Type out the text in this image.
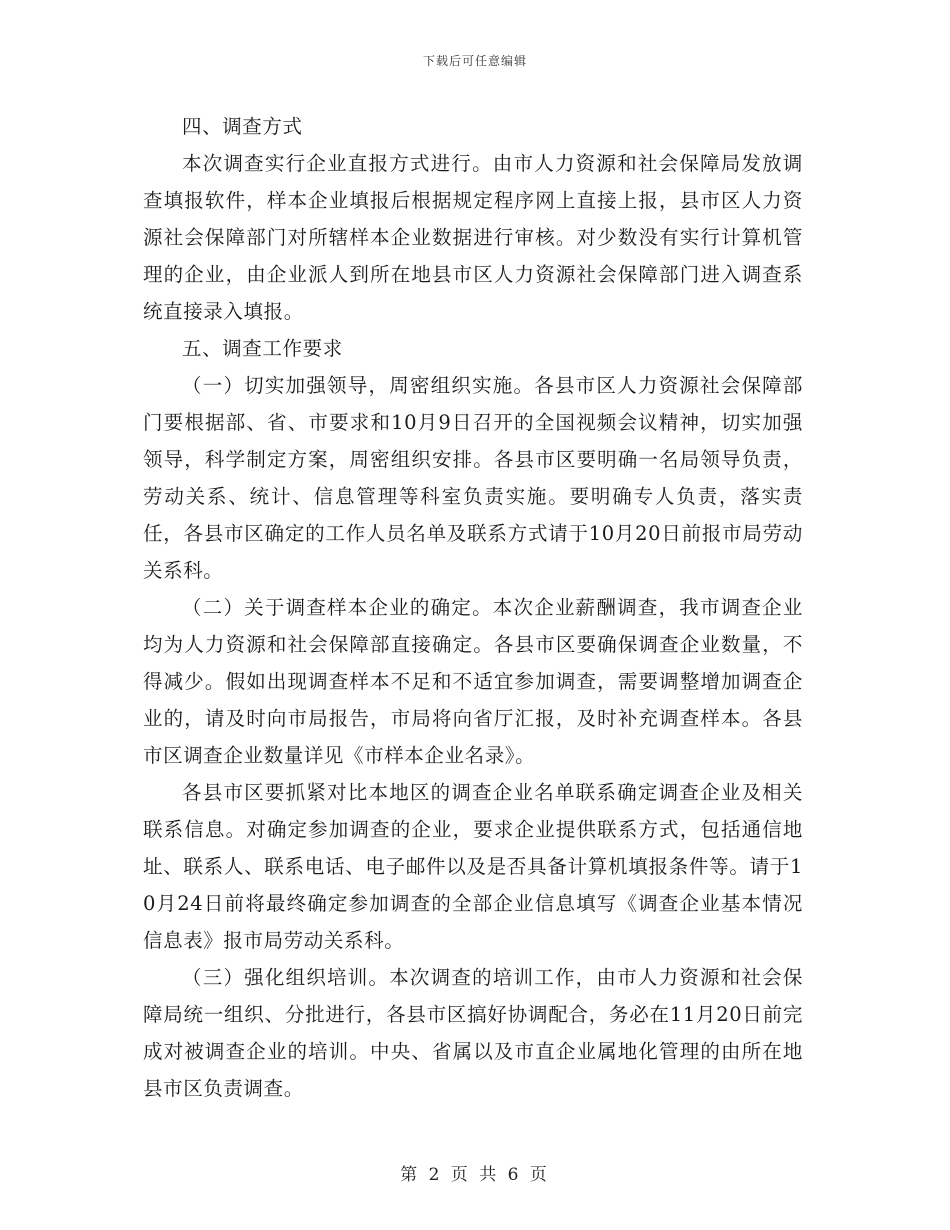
下载后可任意编辑

四、调查方式

本次调查实行企业直报方式进行。由市人力资源和社会保障局发放调查填报软件，样本企业填报后根据规定程序网上直接上报，县市区人力资源社会保障部门对所辖样本企业数据进行审核。对少数没有实行计算机管理的企业，由企业派人到所在地县市区人力资源社会保障部门进入调查系统直接录入填报。

五、调查工作要求

（一）切实加强领导，周密组织实施。各县市区人力资源社会保障部门要根据部、省、市要求和10月9日召开的全国视频会议精神，切实加强领导，科学制定方案，周密组织安排。各县市区要明确一名局领导负责，劳动关系、统计、信息管理等科室负责实施。要明确专人负责，落实责任，各县市区确定的工作人员名单及联系方式请于10月20日前报市局劳动关系科。

（二）关于调查样本企业的确定。本次企业薪酬调查，我市调查企业均为人力资源和社会保障部直接确定。各县市区要确保调查企业数量，不得减少。假如出现调查样本不足和不适宜参加调查，需要调整增加调查企业的，请及时向市局报告，市局将向省厅汇报，及时补充调查样本。各县市区调查企业数量详见《市样本企业名录》。

各县市区要抓紧对比本地区的调查企业名单联系确定调查企业及相关联系信息。对确定参加调查的企业，要求企业提供联系方式，包括通信地址、联系人、联系电话、电子邮件以及是否具备计算机填报条件等。请于10月24日前将最终确定参加调查的全部企业信息填写《调查企业基本情况信息表》报市局劳动关系科。

（三）强化组织培训。本次调查的培训工作，由市人力资源和社会保障局统一组织、分批进行，各县市区搞好协调配合，务必在11月20日前完成对被调查企业的培训。中央、省属以及市直企业属地化管理的由所在地县市区负责调查。

第 2 页 共 6 页
